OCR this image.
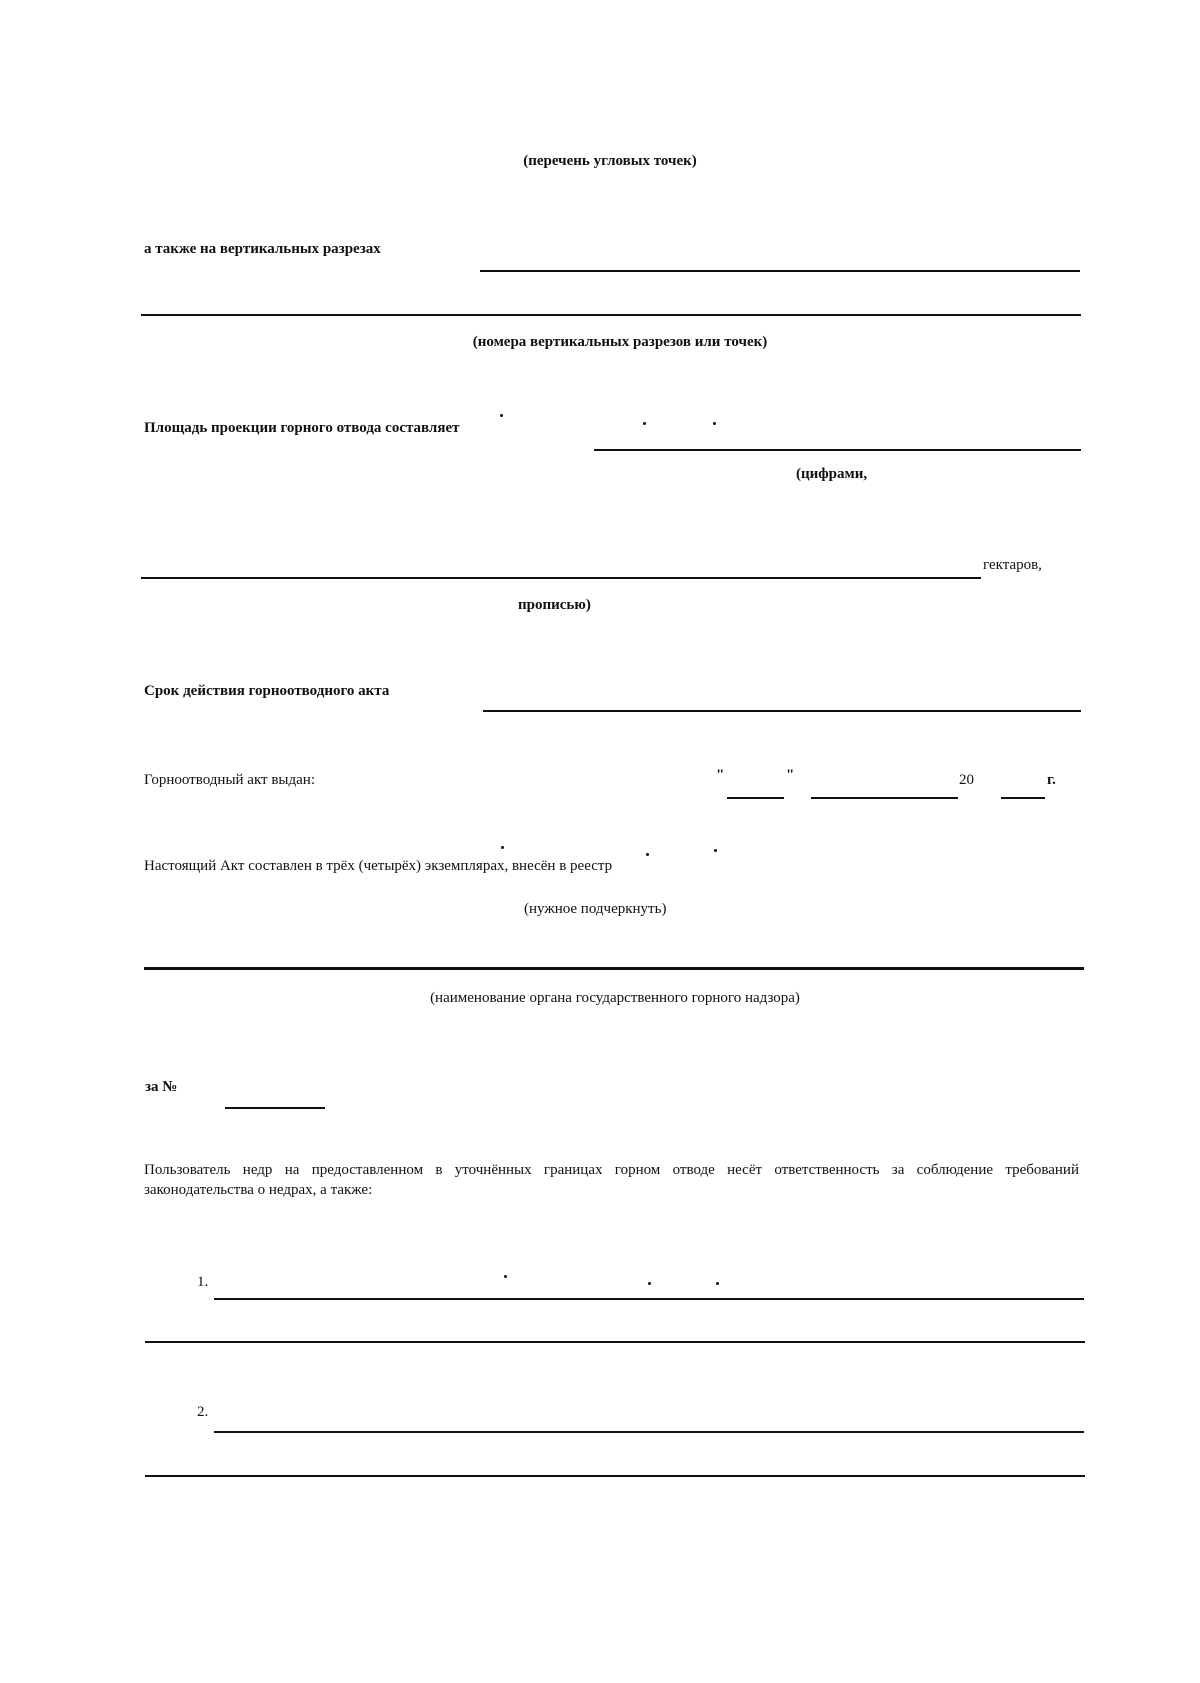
(перечень угловых точек)
а также на вертикальных разрезах
(номера вертикальных разрезов или точек)
Площадь проекции горного отвода составляет
(цифрами,
гектаров,
прописью)
Срок действия горноотводного акта
Горноотводный акт выдан:	"	"	20	г.
Настоящий Акт составлен в трёх (четырёх) экземплярах, внесён в реестр
(нужное подчеркнуть)
(наименование органа государственного горного надзора)
за №
Пользователь недр на предоставленном в уточнённых границах горном отводе несёт ответственность за соблюдение требований законодательства о недрах, а также:
1.
2.
